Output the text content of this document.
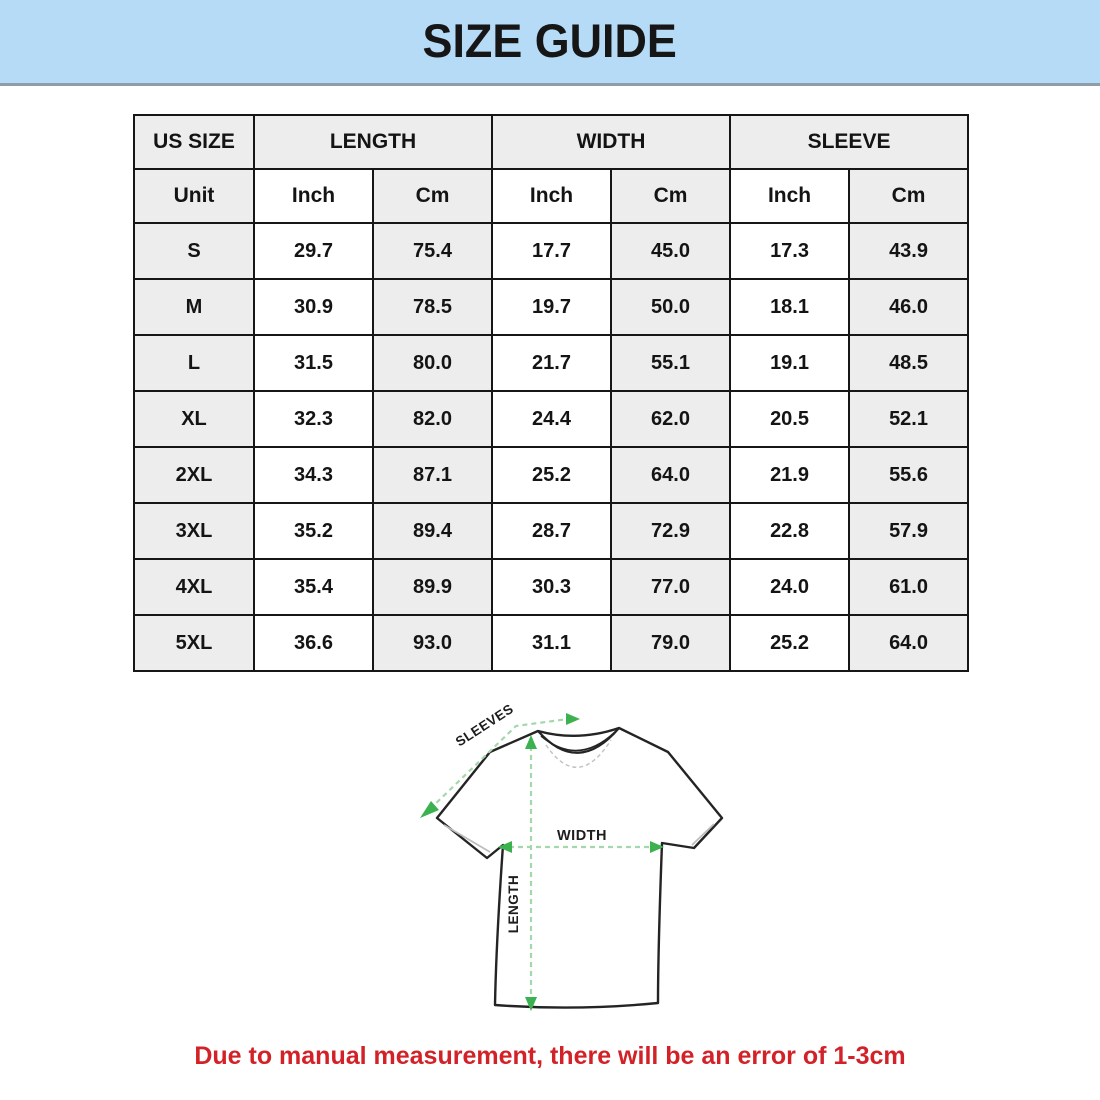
SIZE GUIDE
US SIZE	LENGTH		WIDTH		SLEEVE	
Unit	Inch	Cm	Inch	Cm	Inch	Cm
S	29.7	75.4	17.7	45.0	17.3	43.9
M	30.9	78.5	19.7	50.0	18.1	46.0
L	31.5	80.0	21.7	55.1	19.1	48.5
XL	32.3	82.0	24.4	62.0	20.5	52.1
2XL	34.3	87.1	25.2	64.0	21.9	55.6
3XL	35.2	89.4	28.7	72.9	22.8	57.9
4XL	35.4	89.9	30.3	77.0	24.0	61.0
5XL	36.6	93.0	31.1	79.0	25.2	64.0
LENGTH
WIDTH
SLEEVES
Due to manual measurement, there will be an error of 1-3cm
